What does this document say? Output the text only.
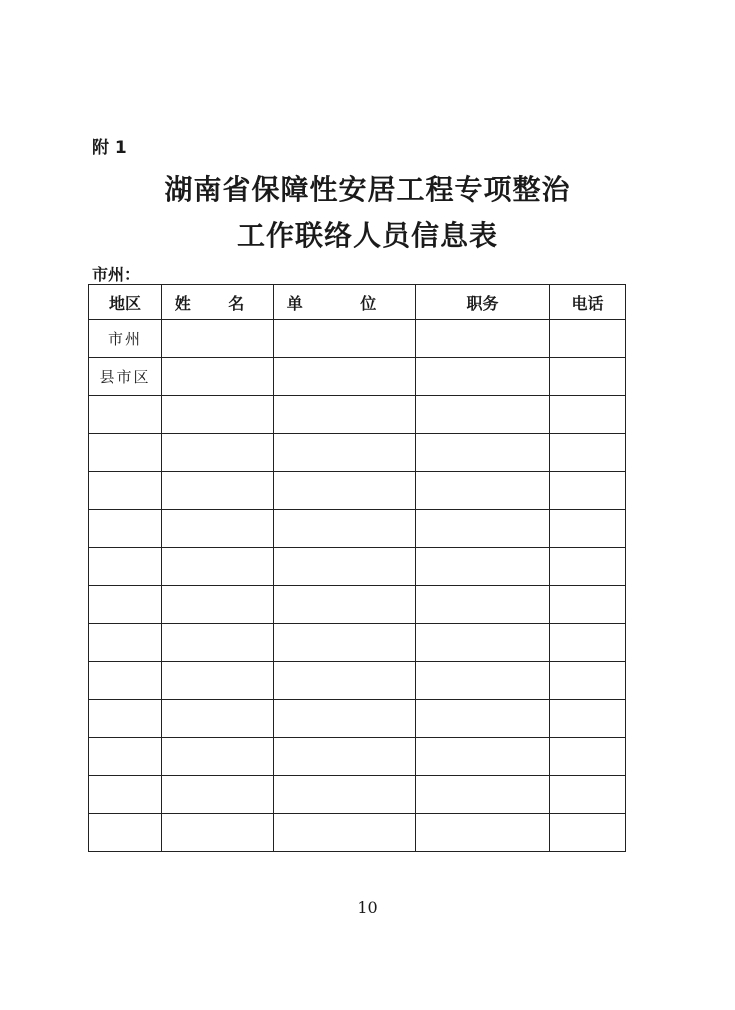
附 1
湖南省保障性安居工程专项整治
工作联络人员信息表
市州：
地区	姓 名	单 位	职务	电话
市州				
县市区				

10
